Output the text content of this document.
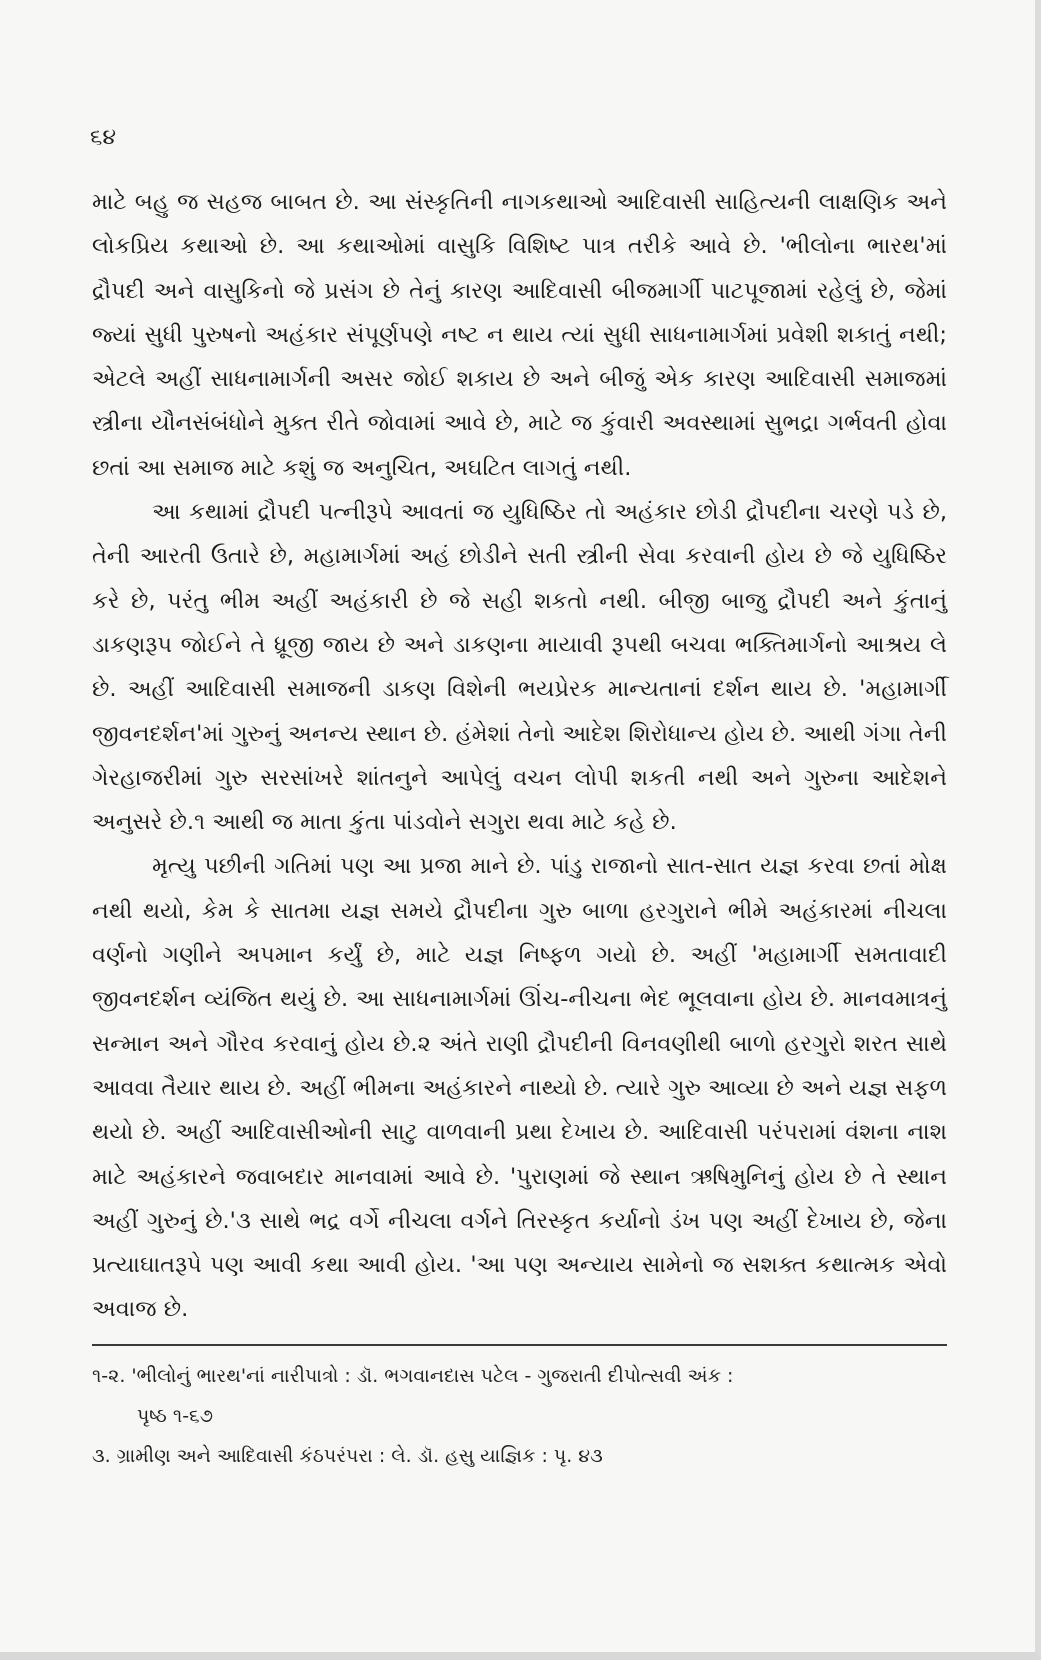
૬૪

માટે બહુ જ સહજ બાબત છે. આ સંસ્કૃતિની નાગકથાઓ આદિવાસી સાહિત્યની લાક્ષણિક અને લોકપ્રિય કથાઓ છે. આ કથાઓમાં વાસુકિ વિશિષ્ટ પાત્ર તરીકે આવે છે. 'ભીલોના ભારથ'માં દ્રૌપદી અને વાસુકિનો જે પ્રસંગ છે તેનું કારણ આદિવાસી બીજમાર્ગી પાટપૂજામાં રહેલું છે, જેમાં જ્યાં સુધી પુરુષનો અહંકાર સંપૂર્ણપણે નષ્ટ ન થાય ત્યાં સુધી સાધનામાર્ગમાં પ્રવેશી શકાતું નથી; એટલે અહીં સાધનામાર્ગની અસર જોઈ શકાય છે અને બીજું એક કારણ આદિવાસી સમાજમાં સ્ત્રીના યૌનસંબંધોને મુક્ત રીતે જોવામાં આવે છે, માટે જ કુંવારી અવસ્થામાં સુભદ્રા ગર્ભવતી હોવા છતાં આ સમાજ માટે કશું જ અનુચિત, અઘટિત લાગતું નથી.

આ કથામાં દ્રૌપદી પત્નીરૂપે આવતાં જ યુધિષ્ઠિર તો અહંકાર છોડી દ્રૌપદીના ચરણે પડે છે, તેની આરતી ઉતારે છે, મહામાર્ગમાં અહં છોડીને સતી સ્ત્રીની સેવા કરવાની હોય છે જે યુધિષ્ઠિર કરે છે, પરંતુ ભીમ અહીં અહંકારી છે જે સહી શકતો નથી. બીજી બાજુ દ્રૌપદી અને કુંતાનું ડાકણરૂપ જોઈને તે ધ્રૂજી જાય છે અને ડાકણના માયાવી રૂપથી બચવા ભક્તિમાર્ગનો આશ્રય લે છે. અહીં આદિવાસી સમાજની ડાકણ વિશેની ભયપ્રેરક માન્યતાનાં દર્શન થાય છે. 'મહામાર્ગી જીવનદર્શન'માં ગુરુનું અનન્ય સ્થાન છે. હંમેશાં તેનો આદેશ શિરોધાન્ય હોય છે. આથી ગંગા તેની ગેરહાજરીમાં ગુરુ સરસાંખરે શાંતનુને આપેલું વચન લોપી શકતી નથી અને ગુરુના આદેશને અનુસરે છે.૧ આથી જ માતા કુંતા પાંડવોને સગુરા થવા માટે કહે છે.

મૃત્યુ પછીની ગતિમાં પણ આ પ્રજા માને છે. પાંડુ રાજાનો સાત-સાત યજ્ઞ કરવા છતાં મોક્ષ નથી થયો, કેમ કે સાતમા યજ્ઞ સમયે દ્રૌપદીના ગુરુ બાળા હરગુરાને ભીમે અહંકારમાં નીચલા વર્ણનો ગણીને અપમાન કર્યું છે, માટે યજ્ઞ નિષ્ફળ ગયો છે. અહીં 'મહામાર્ગી સમતાવાદી જીવનદર્શન વ્યંજિત થયું છે. આ સાધનામાર્ગમાં ઊંચ-નીચના ભેદ ભૂલવાના હોય છે. માનવમાત્રનું સન્માન અને ગૌરવ કરવાનું હોય છે.૨ અંતે રાણી દ્રૌપદીની વિનવણીથી બાળો હરગુરો શરત સાથે આવવા તૈયાર થાય છે. અહીં ભીમના અહંકારને નાથ્યો છે. ત્યારે ગુરુ આવ્યા છે અને યજ્ઞ સફળ થયો છે. અહીં આદિવાસીઓની સાટુ વાળવાની પ્રથા દેખાય છે. આદિવાસી પરંપરામાં વંશના નાશ માટે અહંકારને જવાબદાર માનવામાં આવે છે. 'પુરાણમાં જે સ્થાન ઋષિમુનિનું હોય છે તે સ્થાન અહીં ગુરુનું છે.'૩ સાથે ભદ્ર વર્ગે નીચલા વર્ગને તિરસ્કૃત કર્યાનો ડંખ પણ અહીં દેખાય છે, જેના પ્રત્યાઘાતરૂપે પણ આવી કથા આવી હોય. 'આ પણ અન્યાય સામેનો જ સશક્ત કથાત્મક એવો અવાજ છે.

૧-૨. 'ભીલોનું ભારથ'નાં નારીપાત્રો : ડૉ. ભગવાનદાસ પટેલ - ગુજરાતી દીપોત્સવી અંક :

પૃષ્ઠ ૧-૬૭

૩. ગ્રામીણ અને આદિવાસી કંઠપરંપરા : લે. ડૉ. હસુ યાજ્ઞિક : પૃ. ૪૩
